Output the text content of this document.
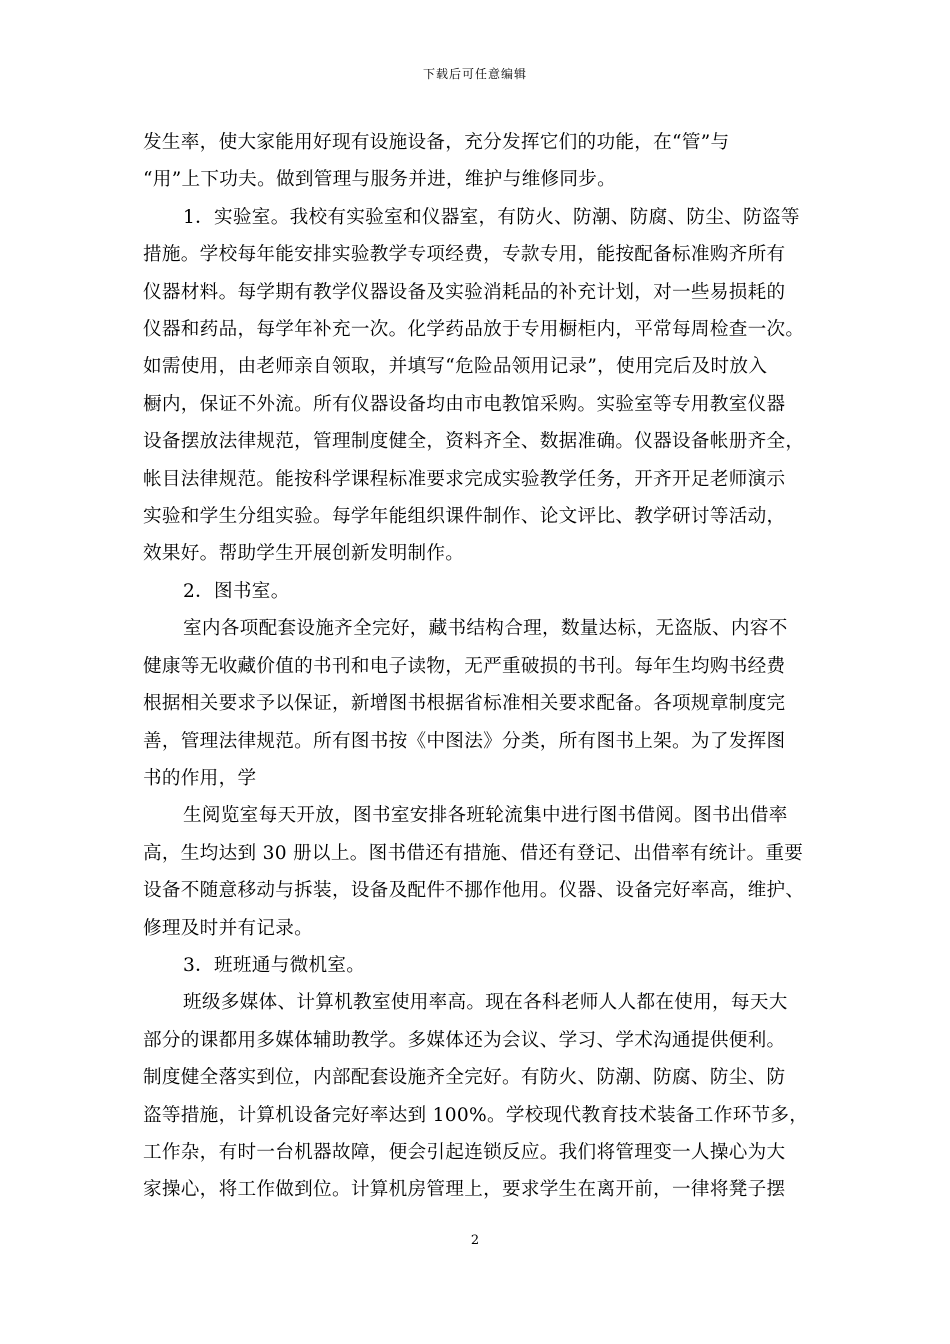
下载后可任意编辑

发生率，使大家能用好现有设施设备，充分发挥它们的功能，在“管”与
“用”上下功夫。做到管理与服务并进，维护与维修同步。

1．实验室。我校有实验室和仪器室，有防火、防潮、防腐、防尘、防盗等
措施。学校每年能安排实验教学专项经费，专款专用，能按配备标准购齐所有
仪器材料。每学期有教学仪器设备及实验消耗品的补充计划，对一些易损耗的
仪器和药品，每学年补充一次。化学药品放于专用橱柜内，平常每周检查一次。
如需使用，由老师亲自领取，并填写“危险品领用记录”，使用完后及时放入
橱内，保证不外流。所有仪器设备均由市电教馆采购。实验室等专用教室仪器
设备摆放法律规范，管理制度健全，资料齐全、数据准确。仪器设备帐册齐全，
帐目法律规范。能按科学课程标准要求完成实验教学任务，开齐开足老师演示
实验和学生分组实验。每学年能组织课件制作、论文评比、教学研讨等活动，
效果好。帮助学生开展创新发明制作。

2．图书室。

室内各项配套设施齐全完好，藏书结构合理，数量达标，无盗版、内容不
健康等无收藏价值的书刊和电子读物，无严重破损的书刊。每年生均购书经费
根据相关要求予以保证，新增图书根据省标准相关要求配备。各项规章制度完
善，管理法律规范。所有图书按《中图法》分类，所有图书上架。为了发挥图
书的作用，学

生阅览室每天开放，图书室安排各班轮流集中进行图书借阅。图书出借率
高，生均达到 30 册以上。图书借还有措施、借还有登记、出借率有统计。重要
设备不随意移动与拆装，设备及配件不挪作他用。仪器、设备完好率高，维护、
修理及时并有记录。

3．班班通与微机室。

班级多媒体、计算机教室使用率高。现在各科老师人人都在使用，每天大
部分的课都用多媒体辅助教学。多媒体还为会议、学习、学术沟通提供便利。
制度健全落实到位，内部配套设施齐全完好。有防火、防潮、防腐、防尘、防
盗等措施，计算机设备完好率达到 100%。学校现代教育技术装备工作环节多，
工作杂，有时一台机器故障，便会引起连锁反应。我们将管理变一人操心为大
家操心，将工作做到位。计算机房管理上，要求学生在离开前，一律将凳子摆

2
